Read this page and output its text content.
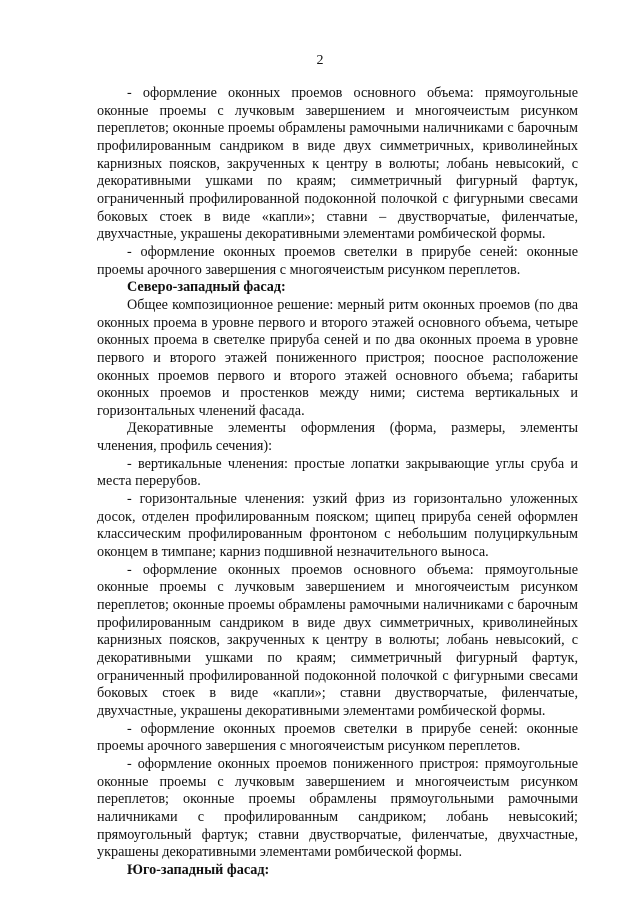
2

- оформление оконных проемов основного объема: прямоугольные оконные проемы с лучковым завершением и многоячеистым рисунком переплетов; оконные проемы обрамлены рамочными наличниками с барочным профилированным сандриком в виде двух симметричных, криволинейных карнизных поясков, закрученных к центру в волюты; лобань невысокий, с декоративными ушками по краям; симметричный фигурный фартук, ограниченный профилированной подоконной полочкой с фигурными свесами боковых стоек в виде «капли»; ставни – двустворчатые, филенчатые, двухчастные, украшены декоративными элементами ромбической формы.

- оформление оконных проемов светелки в прирубе сеней: оконные проемы арочного завершения с многоячеистым рисунком переплетов.

Северо-западный фасад:

Общее композиционное решение: мерный ритм оконных проемов (по два оконных проема в уровне первого и второго этажей основного объема, четыре оконных проема в светелке прируба сеней и по два оконных проема в уровне первого и второго этажей пониженного пристроя; поосное расположение оконных проемов первого и второго этажей основного объема; габариты оконных проемов и простенков между ними; система вертикальных и горизонтальных членений фасада.

Декоративные элементы оформления (форма, размеры, элементы членения, профиль сечения):

- вертикальные членения: простые лопатки закрывающие углы сруба и места перерубов.

- горизонтальные членения: узкий фриз из горизонтально уложенных досок, отделен профилированным пояском; щипец прируба сеней оформлен классическим профилированным фронтоном с небольшим полуциркульным оконцем в тимпане; карниз подшивной незначительного выноса.

- оформление оконных проемов основного объема: прямоугольные оконные проемы с лучковым завершением и многоячеистым рисунком переплетов; оконные проемы обрамлены рамочными наличниками с барочным профилированным сандриком в виде двух симметричных, криволинейных карнизных поясков, закрученных к центру в волюты; лобань невысокий, с декоративными ушками по краям; симметричный фигурный фартук, ограниченный профилированной подоконной полочкой с фигурными свесами боковых стоек в виде «капли»; ставни двустворчатые, филенчатые, двухчастные, украшены декоративными элементами ромбической формы.

- оформление оконных проемов светелки в прирубе сеней: оконные проемы арочного завершения с многоячеистым рисунком переплетов.

- оформление оконных проемов пониженного пристроя: прямоугольные оконные проемы с лучковым завершением и многоячеистым рисунком переплетов; оконные проемы обрамлены прямоугольными рамочными наличниками с профилированным сандриком; лобань невысокий; прямоугольный фартук; ставни двустворчатые, филенчатые, двухчастные, украшены декоративными элементами ромбической формы.

Юго-западный фасад:
